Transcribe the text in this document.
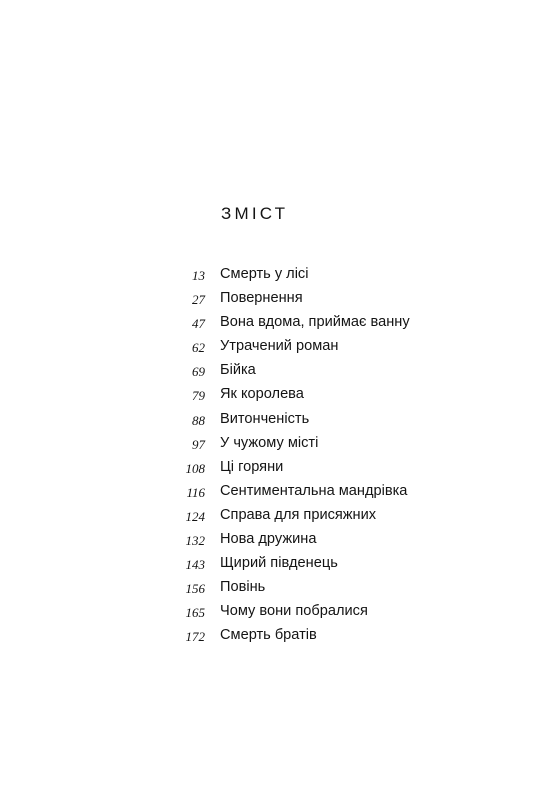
ЗМІСТ
13 Смерть у лісі
27 Повернення
47 Вона вдома, приймає ванну
62 Утрачений роман
69 Бійка
79 Як королева
88 Витонченість
97 У чужому місті
108 Ці горяни
116 Сентиментальна мандрівка
124 Справа для присяжних
132 Нова дружина
143 Щирий південець
156 Повінь
165 Чому вони побралися
172 Смерть братів
